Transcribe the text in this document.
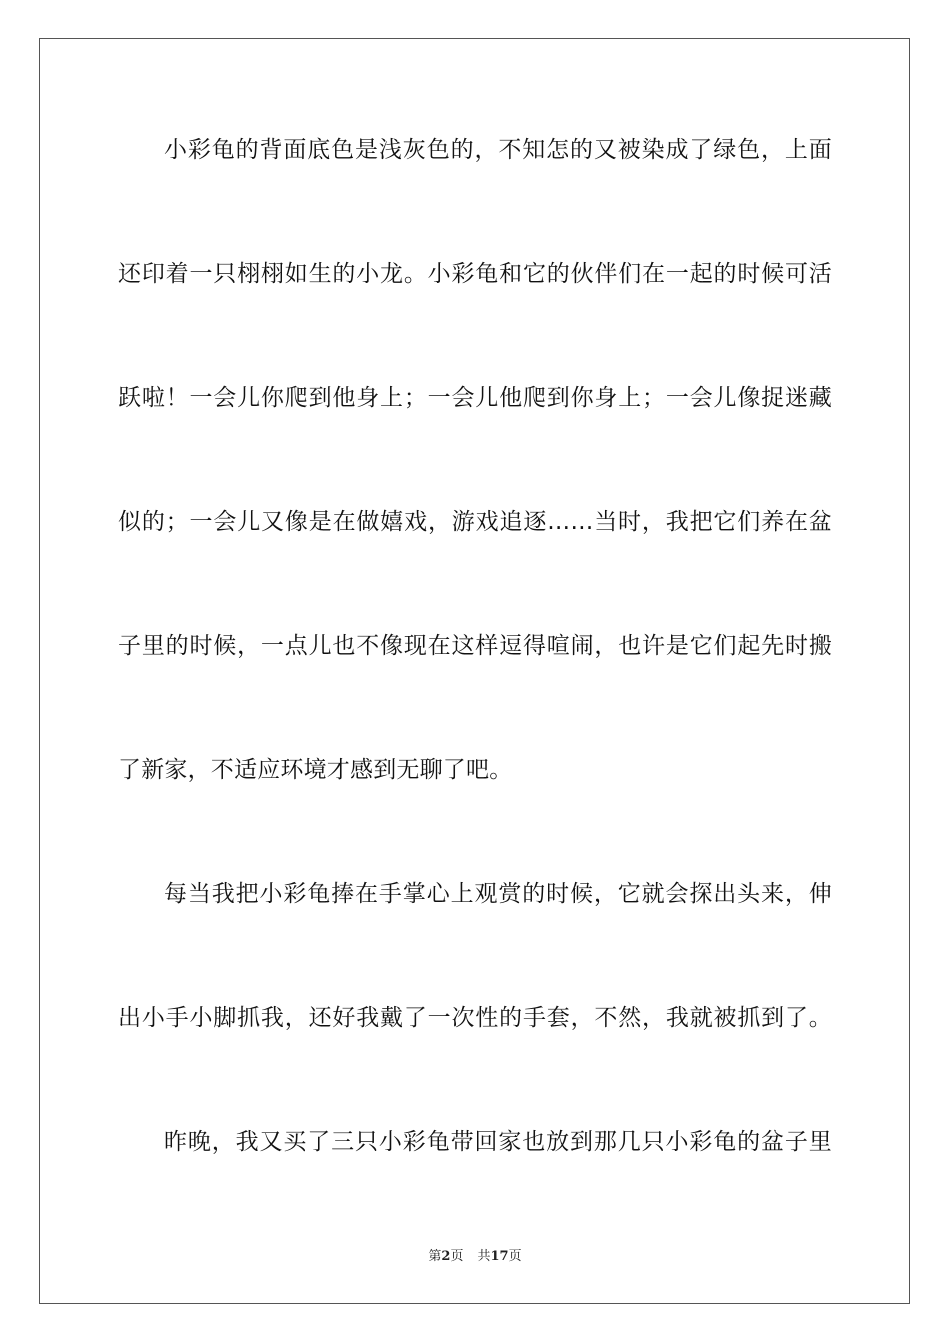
小彩龟的背面底色是浅灰色的，不知怎的又被染成了绿色，上面
还印着一只栩栩如生的小龙。小彩龟和它的伙伴们在一起的时候可活
跃啦！一会儿你爬到他身上；一会儿他爬到你身上；一会儿像捉迷藏
似的；一会儿又像是在做嬉戏，游戏追逐……当时，我把它们养在盆
子里的时候，一点儿也不像现在这样逗得喧闹，也许是它们起先时搬
了新家，不适应环境才感到无聊了吧。
每当我把小彩龟捧在手掌心上观赏的时候，它就会探出头来，伸
出小手小脚抓我，还好我戴了一次性的手套，不然，我就被抓到了。
昨晚，我又买了三只小彩龟带回家也放到那几只小彩龟的盆子里
第2页 共17页
